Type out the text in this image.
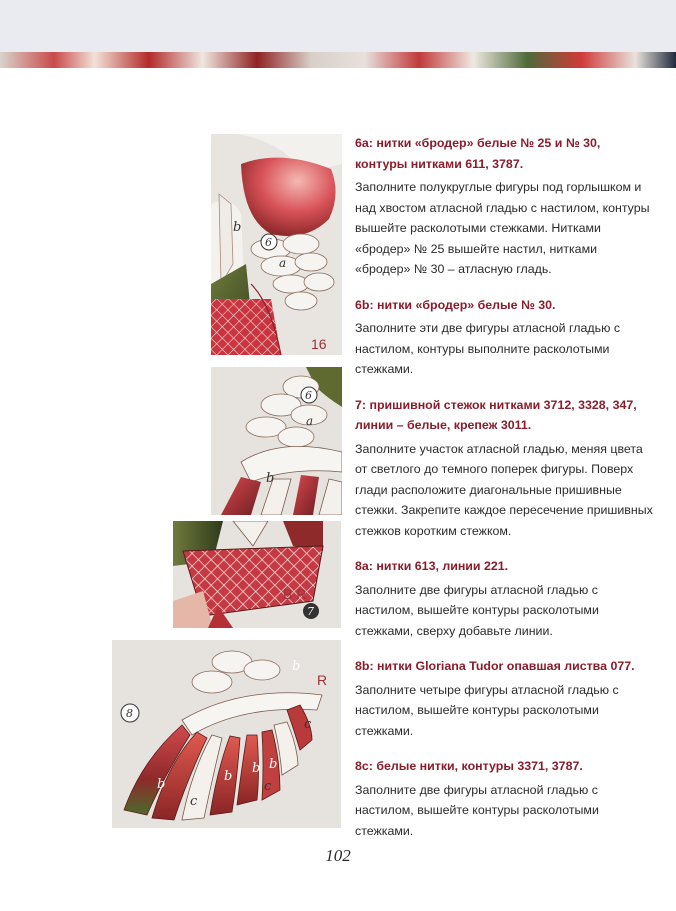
b
6
a
16
6
a
b
7
B R
8
b
c
b
c
b b
b
c
R

6a: нитки «бродер» белые № 25 и № 30, контуры нитками 611, 3787.

Заполните полукруглые фигуры под горлышком и над хвостом атласной гладью с настилом, контуры вышейте расколотыми стежками. Нитками «бродер» № 25 вышейте настил, нитками «бродер» № 30 – атласную гладь.

6b: нитки «бродер» белые № 30.

Заполните эти две фигуры атласной гладью с настилом, контуры выполните расколотыми стежками.

7: пришивной стежок нитками 3712, 3328, 347, линии – белые, крепеж 3011.

Заполните участок атласной гладью, меняя цвета от светлого до темного поперек фигуры. Поверх глади расположите диагональные пришивные стежки. Закрепите каждое пересечение пришивных стежков коротким стежком.

8a: нитки 613, линии 221.

Заполните две фигуры атласной гладью с настилом, вышейте контуры расколотыми стежками, сверху добавьте линии.

8b: нитки Gloriana Tudor опавшая листва 077.

Заполните четыре фигуры атласной гладью с настилом, вышейте контуры расколотыми стежками.

8c: белые нитки, контуры 3371, 3787.

Заполните две фигуры атласной гладью с настилом, вышейте контуры расколотыми стежками.

102
